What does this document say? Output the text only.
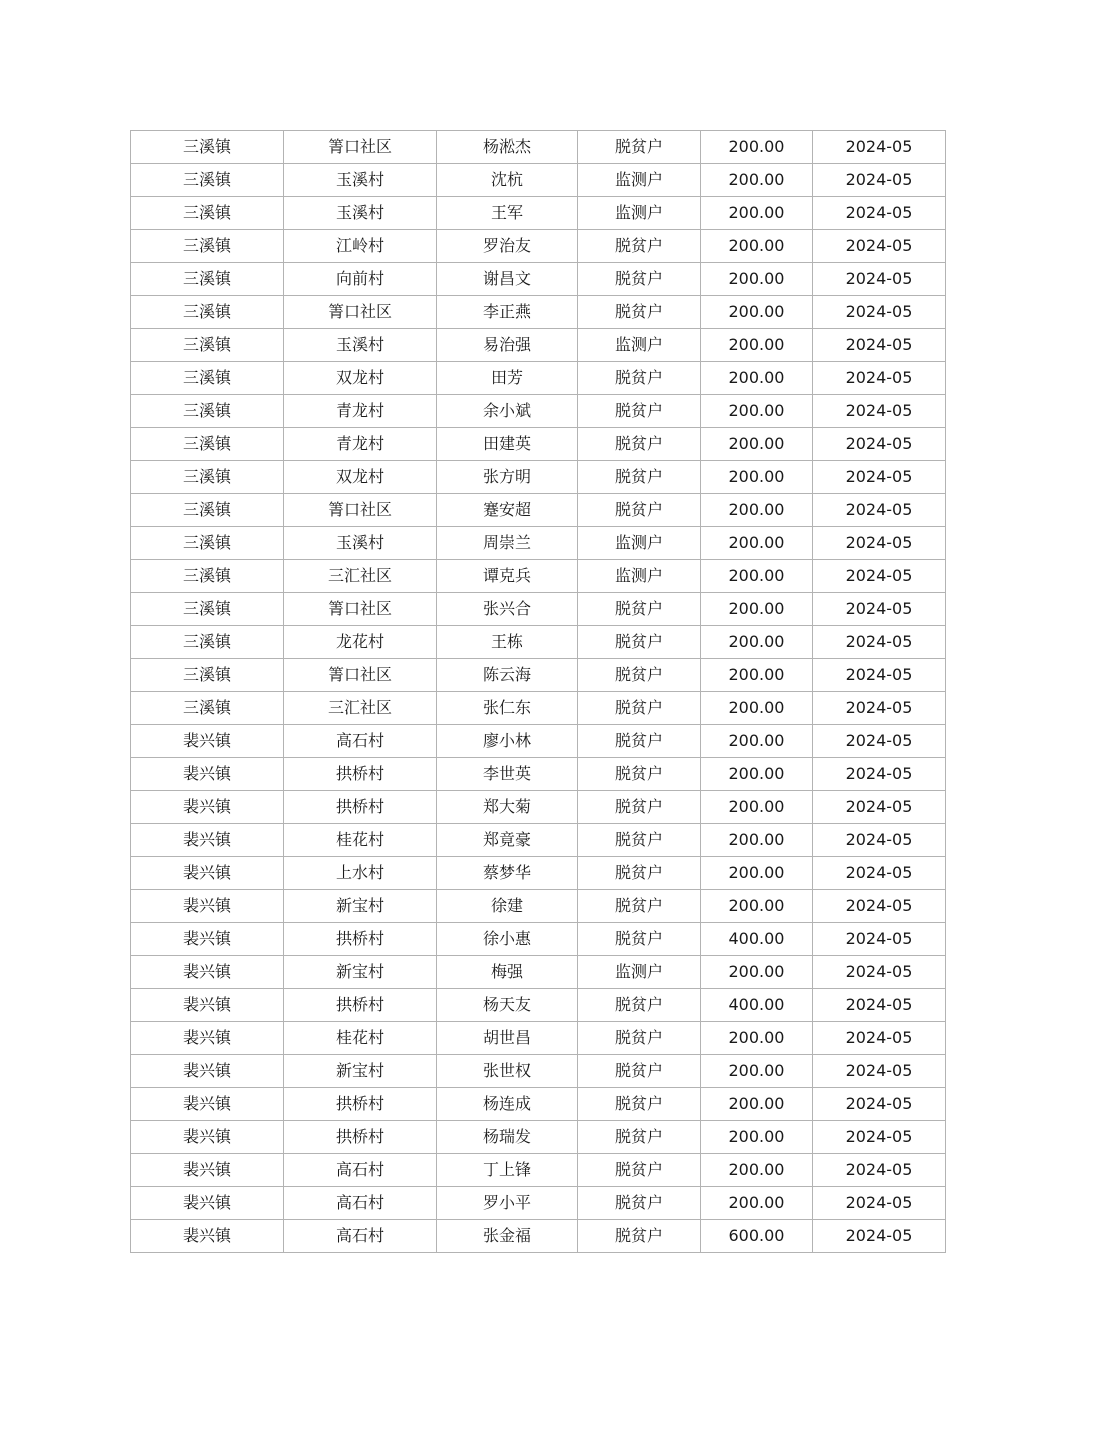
三溪镇	箐口社区	杨淞杰	脱贫户	200.00	2024-05
三溪镇	玉溪村	沈杭	监测户	200.00	2024-05
三溪镇	玉溪村	王军	监测户	200.00	2024-05
三溪镇	江岭村	罗治友	脱贫户	200.00	2024-05
三溪镇	向前村	谢昌文	脱贫户	200.00	2024-05
三溪镇	箐口社区	李正燕	脱贫户	200.00	2024-05
三溪镇	玉溪村	易治强	监测户	200.00	2024-05
三溪镇	双龙村	田芳	脱贫户	200.00	2024-05
三溪镇	青龙村	余小斌	脱贫户	200.00	2024-05
三溪镇	青龙村	田建英	脱贫户	200.00	2024-05
三溪镇	双龙村	张方明	脱贫户	200.00	2024-05
三溪镇	箐口社区	蹇安超	脱贫户	200.00	2024-05
三溪镇	玉溪村	周崇兰	监测户	200.00	2024-05
三溪镇	三汇社区	谭克兵	监测户	200.00	2024-05
三溪镇	箐口社区	张兴合	脱贫户	200.00	2024-05
三溪镇	龙花村	王栋	脱贫户	200.00	2024-05
三溪镇	箐口社区	陈云海	脱贫户	200.00	2024-05
三溪镇	三汇社区	张仁东	脱贫户	200.00	2024-05
裴兴镇	高石村	廖小林	脱贫户	200.00	2024-05
裴兴镇	拱桥村	李世英	脱贫户	200.00	2024-05
裴兴镇	拱桥村	郑大菊	脱贫户	200.00	2024-05
裴兴镇	桂花村	郑竟豪	脱贫户	200.00	2024-05
裴兴镇	上水村	蔡梦华	脱贫户	200.00	2024-05
裴兴镇	新宝村	徐建	脱贫户	200.00	2024-05
裴兴镇	拱桥村	徐小惠	脱贫户	400.00	2024-05
裴兴镇	新宝村	梅强	监测户	200.00	2024-05
裴兴镇	拱桥村	杨天友	脱贫户	400.00	2024-05
裴兴镇	桂花村	胡世昌	脱贫户	200.00	2024-05
裴兴镇	新宝村	张世权	脱贫户	200.00	2024-05
裴兴镇	拱桥村	杨连成	脱贫户	200.00	2024-05
裴兴镇	拱桥村	杨瑞发	脱贫户	200.00	2024-05
裴兴镇	高石村	丁上锋	脱贫户	200.00	2024-05
裴兴镇	高石村	罗小平	脱贫户	200.00	2024-05
裴兴镇	高石村	张金福	脱贫户	600.00	2024-05
